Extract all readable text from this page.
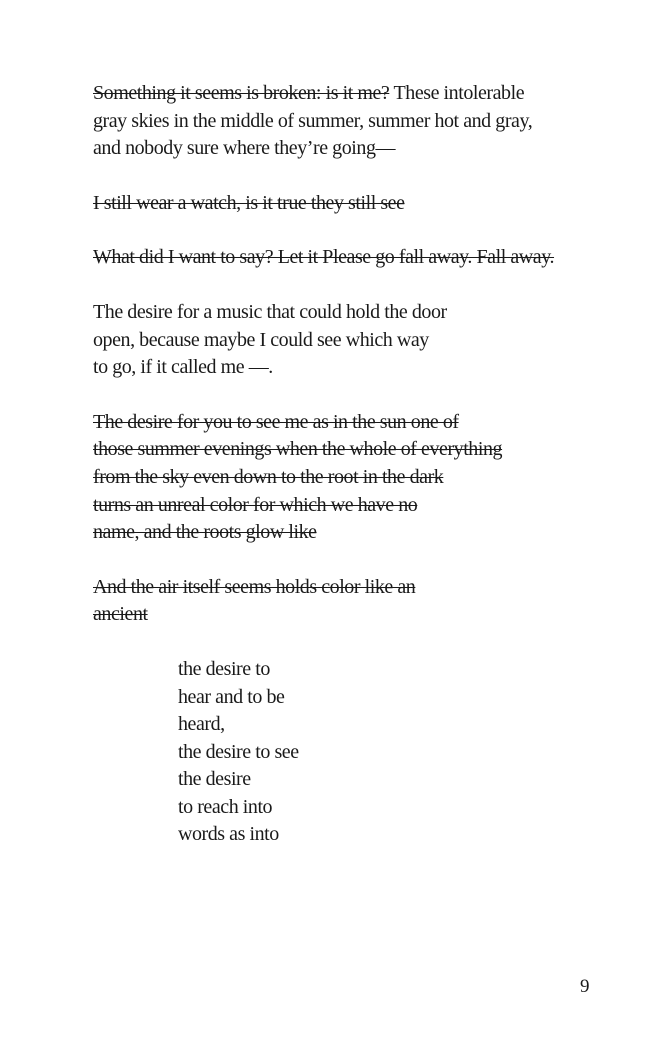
Something it seems is broken: is it me? These intolerable
gray skies in the middle of summer, summer hot and gray,
and nobody sure where they’re going—
I still wear a watch, is it true they still see
What did I want to say? Let it Please go fall away. Fall away.
The desire for a music that could hold the door
open, because maybe I could see which way
to go, if it called me —.
The desire for you to see me as in the sun one of
those summer evenings when the whole of everything
from the sky even down to the root in the dark
turns an unreal color for which we have no
name, and the roots glow like
And the air itself seems holds color like an
ancient
the desire to
hear and to be
heard,
the desire to see
the desire
to reach into
words as into
9
